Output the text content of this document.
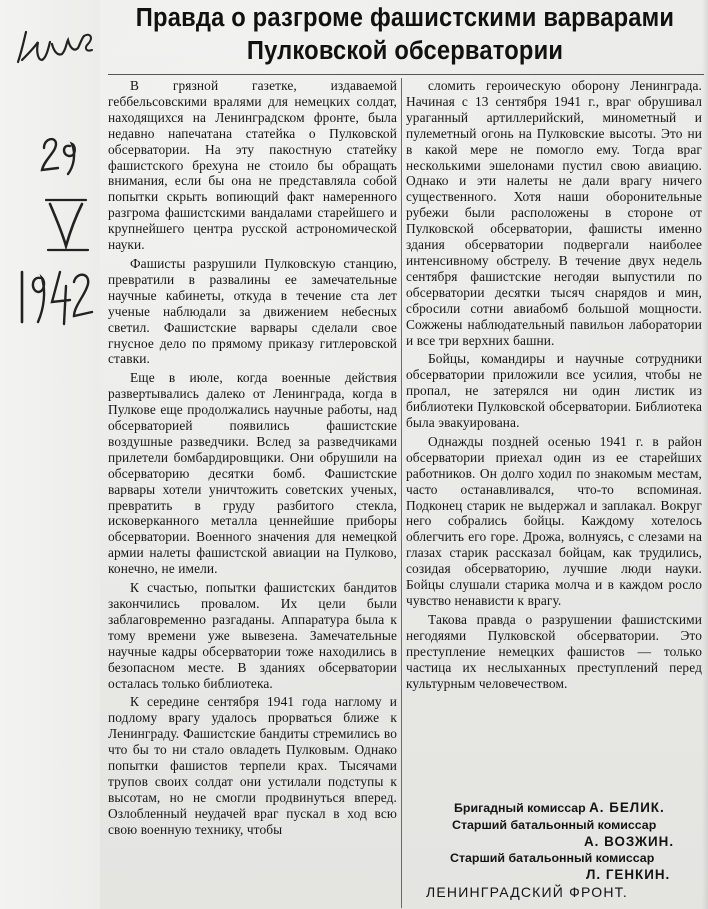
Правда о разгроме фашистскими варварами
Пулковской обсерватории

В грязной газетке, издаваемой геббельсовскими вралями для немецких солдат, находящихся на Ленинградском фронте, была недавно напечатана статейка о Пулковской обсерватории. На эту пакостную статейку фашистского брехуна не стоило бы обращать внимания, если бы она не представляла собой попытки скрыть вопиющий факт намеренного разгрома фашистскими вандалами старейшего и крупнейшего центра русской астрономической науки.

Фашисты разрушили Пулковскую станцию, превратили в развалины ее замечательные научные кабинеты, откуда в течение ста лет ученые наблюдали за движением небесных светил. Фашистские варвары сделали свое гнусное дело по прямому приказу гитлеровской ставки.

Еще в июле, когда военные действия развертывались далеко от Ленинграда, когда в Пулкове еще продолжались научные работы, над обсерваторией появились фашистские воздушные разведчики. Вслед за разведчиками прилетели бомбардировщики. Они обрушили на обсерваторию десятки бомб. Фашистские варвары хотели уничтожить советских ученых, превратить в груду разбитого стекла, исковерканного металла ценнейшие приборы обсерватории. Военного значения для немецкой армии налеты фашистской авиации на Пулково, конечно, не имели.

К счастью, попытки фашистских бандитов закончились провалом. Их цели были заблаговременно разгаданы. Аппаратура была к тому времени уже вывезена. Замечательные научные кадры обсерватории тоже находились в безопасном месте. В зданиях обсерватории осталась только библиотека.

К середине сентября 1941 года наглому и подлому врагу удалось прорваться ближе к Ленинграду. Фашистские бандиты стремились во что бы то ни стало овладеть Пулковым. Однако попытки фашистов терпели крах. Тысячами трупов своих солдат они устилали подступы к высотам, но не смогли продвинуться вперед. Озлобленный неудачей враг пускал в ход всю свою военную технику, чтобы

сломить героическую оборону Ленинграда. Начиная с 13 сентября 1941 г., враг обрушивал ураганный артиллерийский, минометный и пулеметный огонь на Пулковские высоты. Это ни в какой мере не помогло ему. Тогда враг несколькими эшелонами пустил свою авиацию. Однако и эти налеты не дали врагу ничего существенного. Хотя наши оборонительные рубежи были расположены в стороне от Пулковской обсерватории, фашисты именно здания обсерватории подвергали наиболее интенсивному обстрелу. В течение двух недель сентября фашистские негодяи выпустили по обсерватории десятки тысяч снарядов и мин, сбросили сотни авиабомб большой мощности. Сожжены наблюдательный павильон лаборатории и все три верхних башни.

Бойцы, командиры и научные сотрудники обсерватории приложили все усилия, чтобы не пропал, не затерялся ни один листик из библиотеки Пулковской обсерватории. Библиотека была эвакуирована.

Однажды поздней осенью 1941 г. в район обсерватории приехал один из ее старейших работников. Он долго ходил по знакомым местам, часто останавливался, что-то вспоминая. Подконец старик не выдержал и заплакал. Вокруг него собрались бойцы. Каждому хотелось облегчить его горе. Дрожа, волнуясь, с слезами на глазах старик рассказал бойцам, как трудились, созидая обсерваторию, лучшие люди науки. Бойцы слушали старика молча и в каждом росло чувство ненависти к врагу.

Такова правда о разрушении фашистскими негодяями Пулковской обсерватории. Это преступление немецких фашистов — только частица их неслыханных преступлений перед культурным человечеством.

Бригадный комиссар А. БЕЛИК.

Старший батальонный комиссар

А. ВОЗЖИН.

Старший батальонный комиссар

Л. ГЕНКИН.

ЛЕНИНГРАДСКИЙ ФРОНТ.
